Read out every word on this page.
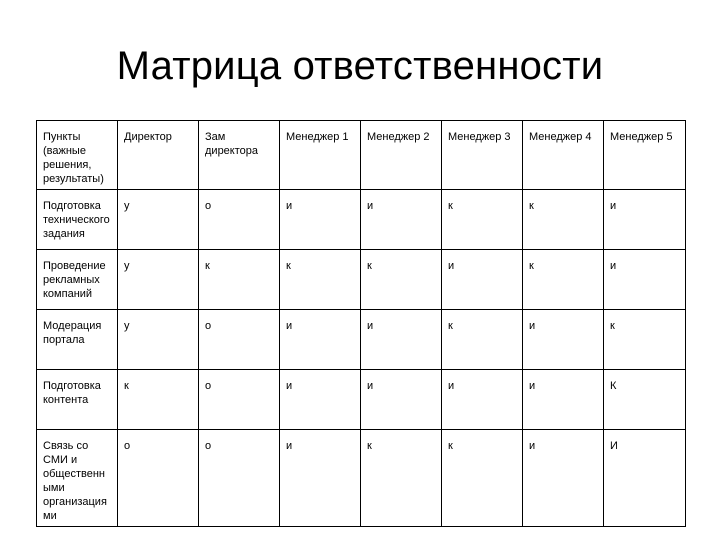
Матрица ответственности
Пункты (важные решения, результаты)	Директор	Зам директора	Менеджер 1	Менеджер 2	Менеджер 3	Менеджер 4	Менеджер 5
Подготовка технического задания	у	о	и	и	к	к	и
Проведение рекламных компаний	у	к	к	к	и	к	и
Модерация портала	у	о	и	и	к	и	к
Подготовка контента	к	о	и	и	и	и	К
Связь со СМИ и общественными организациями	о	о	и	к	к	и	И
